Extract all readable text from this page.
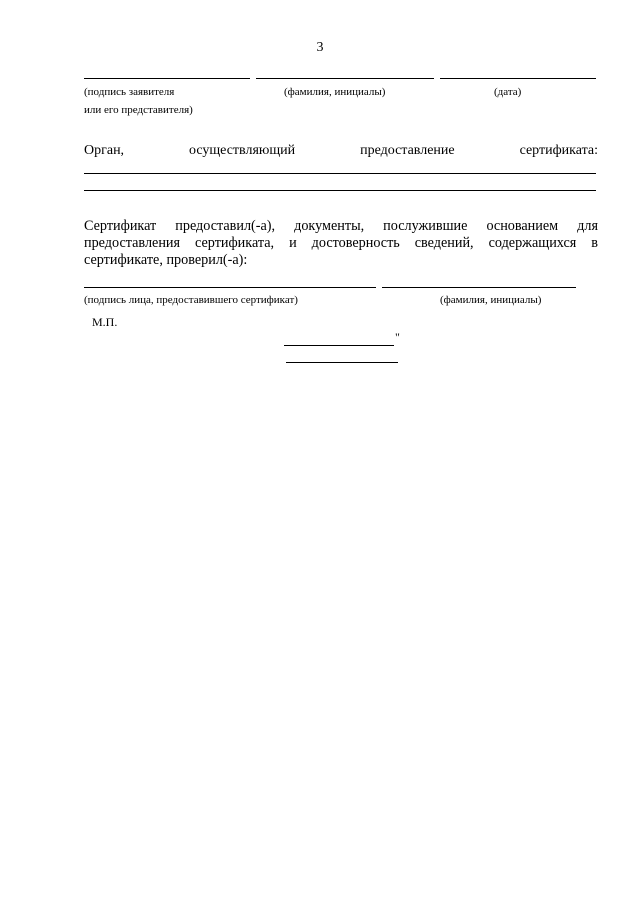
3
(подпись заявителя
или его представителя)
(фамилия, инициалы)	(дата)
Орган,	осуществляющий	предоставление	сертификата:
Сертификат предоставил(-а), документы, послужившие основанием для
предоставления сертификата, и достоверность сведений, содержащихся в
сертификате, проверил(-а):
(подпись лица, предоставившего сертификат)	(фамилия, инициалы)
М.П.
"
